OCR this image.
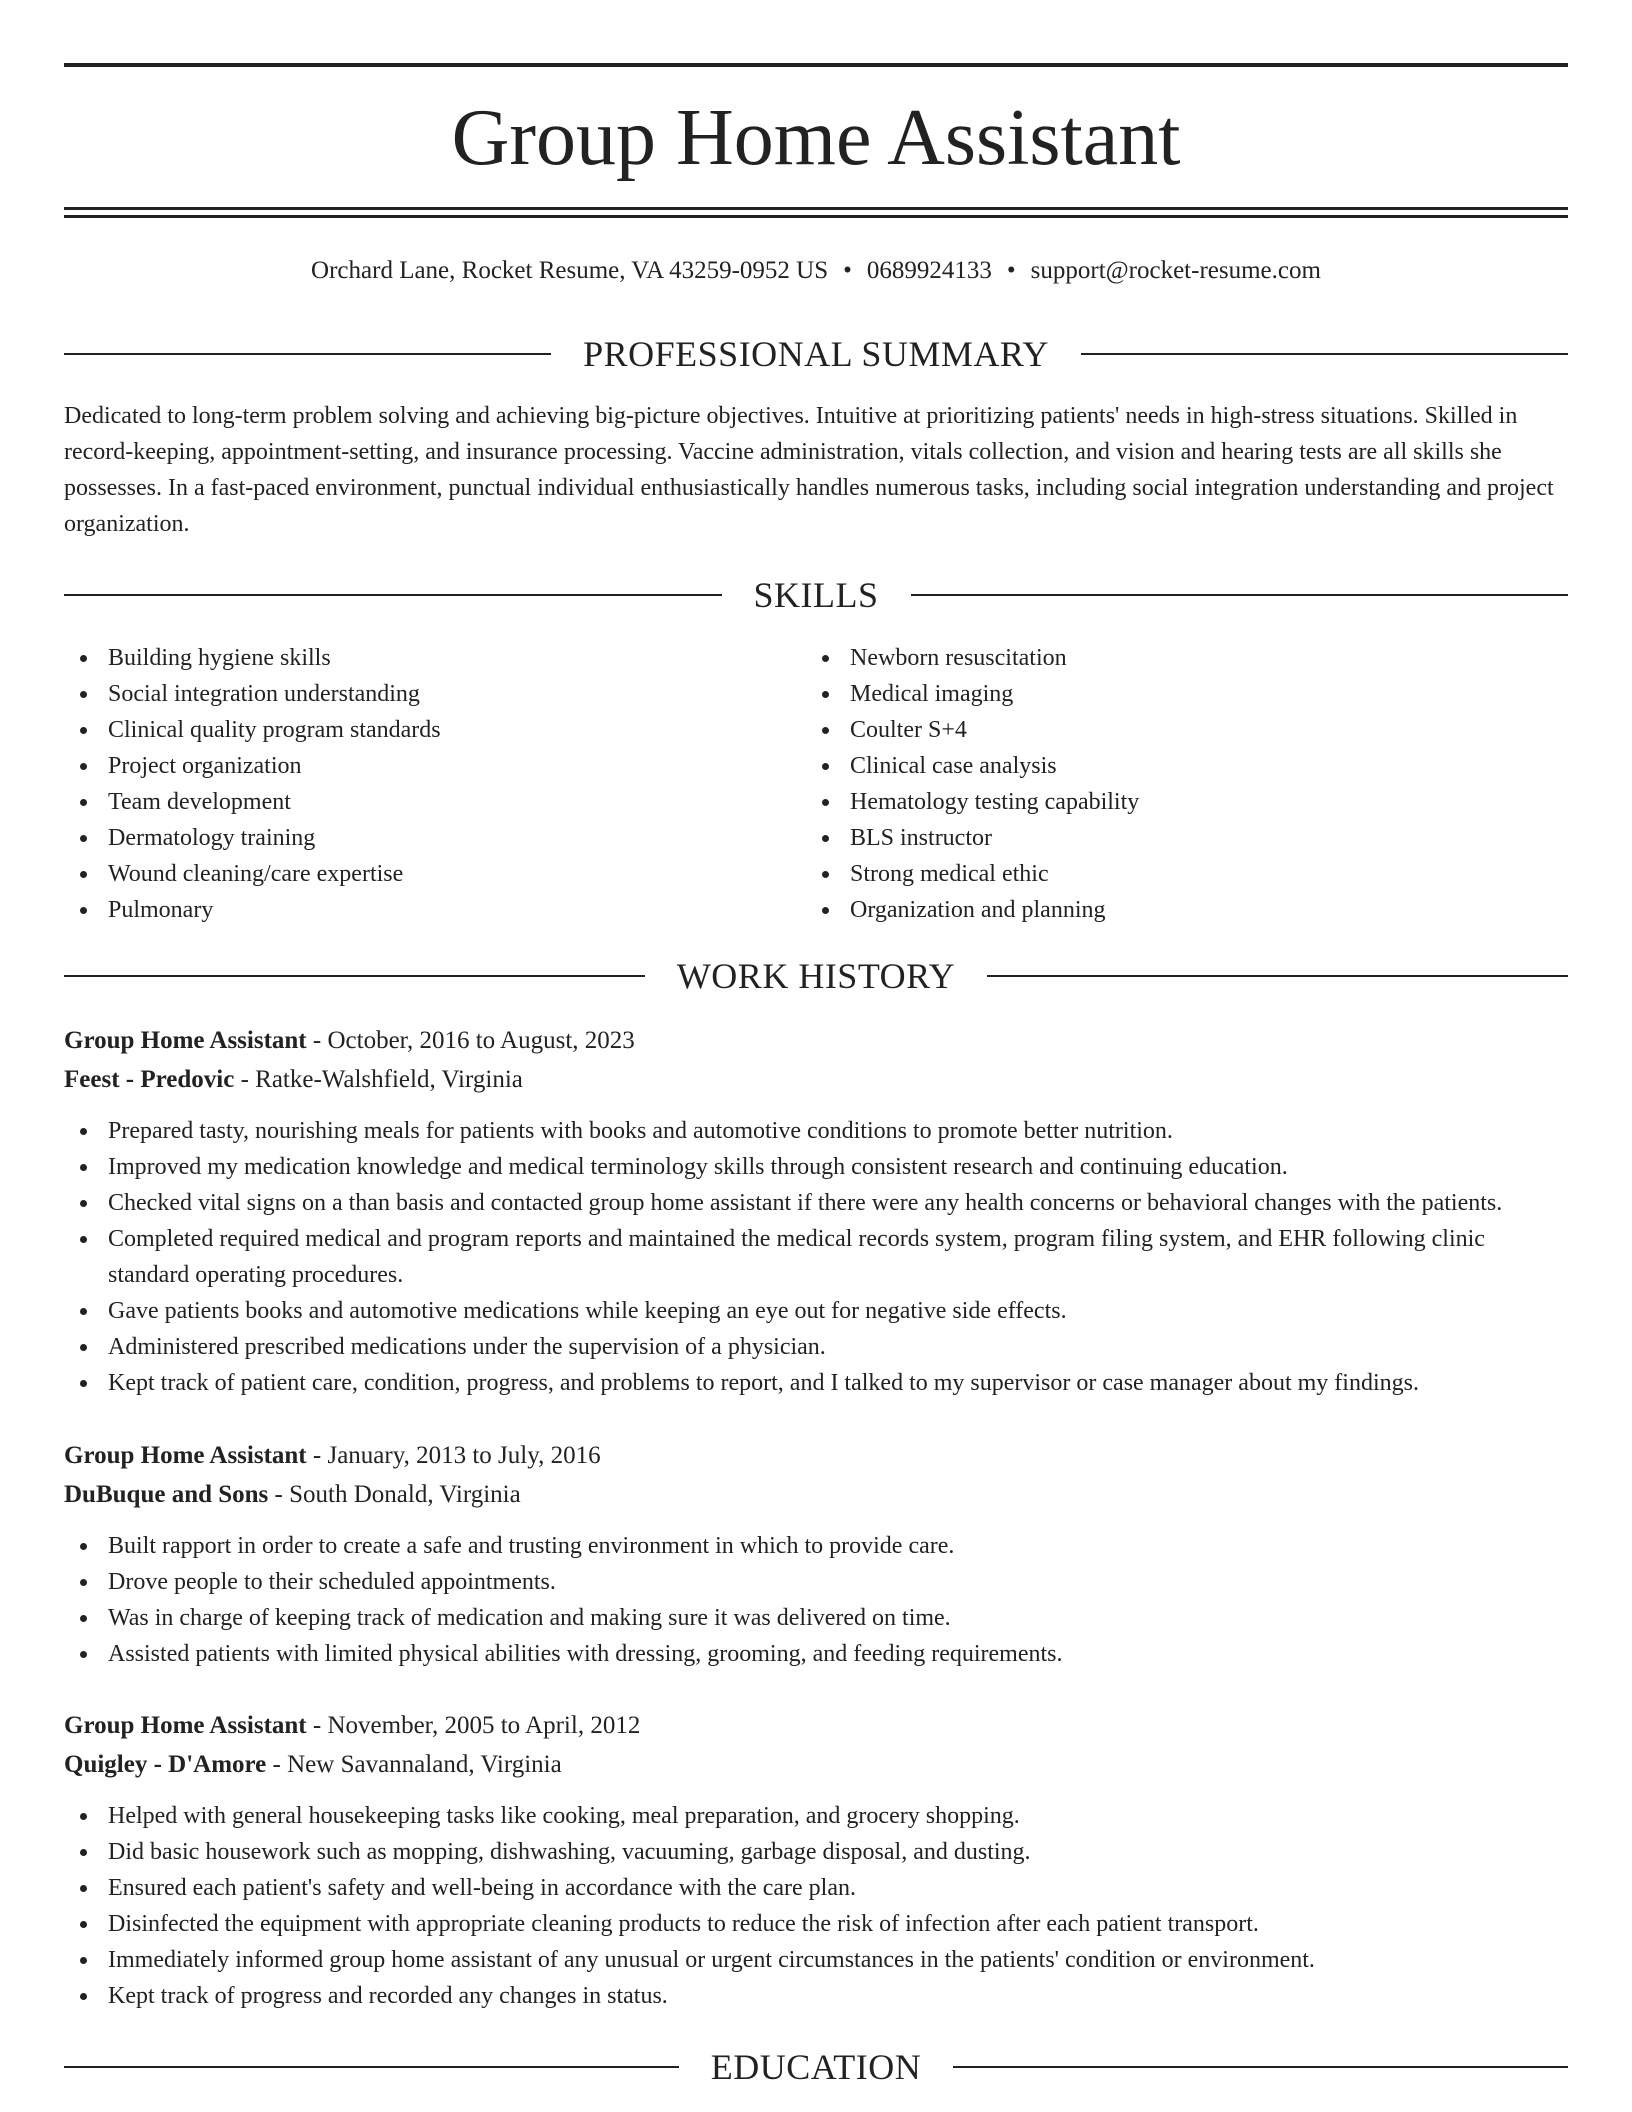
Group Home Assistant
Orchard Lane, Rocket Resume, VA 43259-0952 US • 0689924133 • support@rocket-resume.com
PROFESSIONAL SUMMARY

Dedicated to long-term problem solving and achieving big-picture objectives. Intuitive at prioritizing patients' needs in high-stress situations. Skilled in record-keeping, appointment-setting, and insurance processing. Vaccine administration, vitals collection, and vision and hearing tests are all skills she possesses. In a fast-paced environment, punctual individual enthusiastically handles numerous tasks, including social integration understanding and project organization.

SKILLS
Building hygiene skills
Social integration understanding
Clinical quality program standards
Project organization
Team development
Dermatology training
Wound cleaning/care expertise
Pulmonary
Newborn resuscitation
Medical imaging
Coulter S+4
Clinical case analysis
Hematology testing capability
BLS instructor
Strong medical ethic
Organization and planning
WORK HISTORY
Group Home Assistant - October, 2016 to August, 2023
Feest - Predovic - Ratke-Walshfield, Virginia
Prepared tasty, nourishing meals for patients with books and automotive conditions to promote better nutrition.
Improved my medication knowledge and medical terminology skills through consistent research and continuing education.
Checked vital signs on a than basis and contacted group home assistant if there were any health concerns or behavioral changes with the patients.
Completed required medical and program reports and maintained the medical records system, program filing system, and EHR following clinic standard operating procedures.
Gave patients books and automotive medications while keeping an eye out for negative side effects.
Administered prescribed medications under the supervision of a physician.
Kept track of patient care, condition, progress, and problems to report, and I talked to my supervisor or case manager about my findings.
Group Home Assistant - January, 2013 to July, 2016
DuBuque and Sons - South Donald, Virginia
Built rapport in order to create a safe and trusting environment in which to provide care.
Drove people to their scheduled appointments.
Was in charge of keeping track of medication and making sure it was delivered on time.
Assisted patients with limited physical abilities with dressing, grooming, and feeding requirements.
Group Home Assistant - November, 2005 to April, 2012
Quigley - D'Amore - New Savannaland, Virginia
Helped with general housekeeping tasks like cooking, meal preparation, and grocery shopping.
Did basic housework such as mopping, dishwashing, vacuuming, garbage disposal, and dusting.
Ensured each patient's safety and well-being in accordance with the care plan.
Disinfected the equipment with appropriate cleaning products to reduce the risk of infection after each patient transport.
Immediately informed group home assistant of any unusual or urgent circumstances in the patients' condition or environment.
Kept track of progress and recorded any changes in status.
EDUCATION
